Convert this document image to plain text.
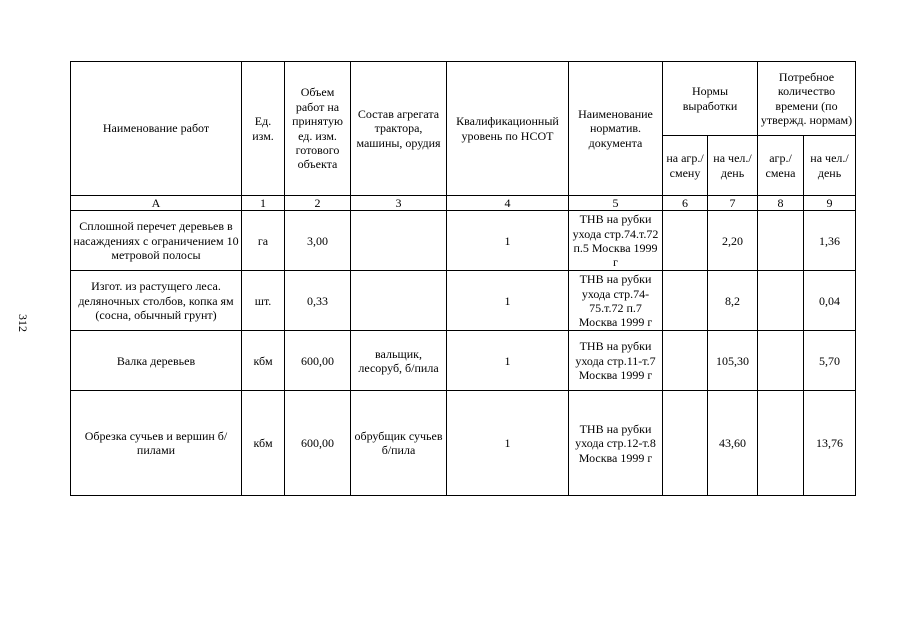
312
Наименование работ	Ед. изм.	Объем работ на принятую ед. изм. готового объекта	Состав агрегата трактора, машины, орудия	Квалификационный уровень по НСОТ	Наименование норматив. документа	Нормы выработки		Потребное количество времени (по утвержд. нормам)	
						на агр./ смену	на чел./ день	агр./ смена	на чел./ день
А	1	2	3	4	5	6	7	8	9
Сплошной перечет деревьев в насаждениях с ограничением 10 метровой полосы	га	3,00		1	ТНВ на рубки ухода стр.74.т.72 п.5 Москва 1999 г		2,20		1,36
Изгот. из растущего леса. деляночных столбов, копка ям (сосна, обычный грунт)	шт.	0,33		1	ТНВ на рубки ухода стр.74-75.т.72 п.7 Москва 1999 г		8,2		0,04
Валка деревьев	кбм	600,00	вальщик, лесоруб, б/пила	1	ТНВ на рубки ухода стр.11-т.7 Москва 1999 г		105,30		5,70
Обрезка сучьев и вершин б/пилами	кбм	600,00	обрубщик сучьев б/пила	1	ТНВ на рубки ухода стр.12-т.8 Москва 1999 г		43,60		13,76
